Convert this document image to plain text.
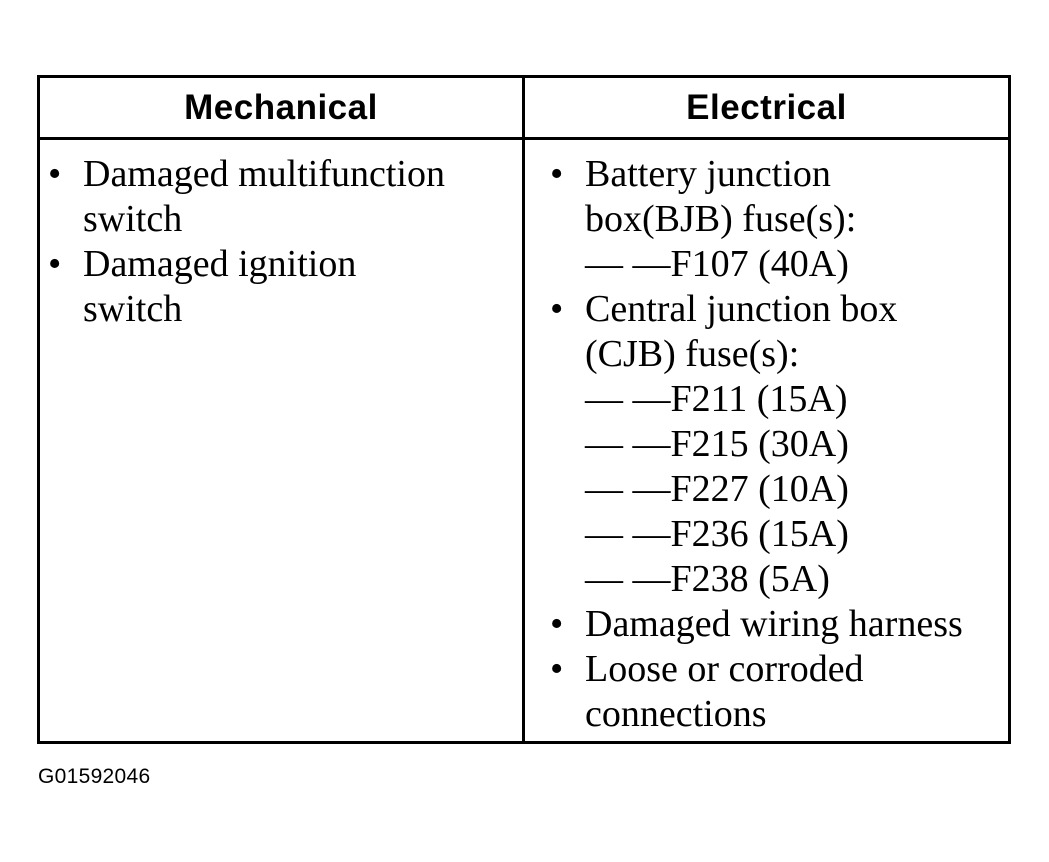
Mechanical	Electrical
• Damaged multifunction
switch
• Damaged ignition
switch
• Battery junction
box(BJB) fuse(s):
— —F107 (40A)
• Central junction box
(CJB) fuse(s):
— —F211 (15A)
— —F215 (30A)
— —F227 (10A)
— —F236 (15A)
— —F238 (5A)
• Damaged wiring harness
• Loose or corroded
connections
G01592046
